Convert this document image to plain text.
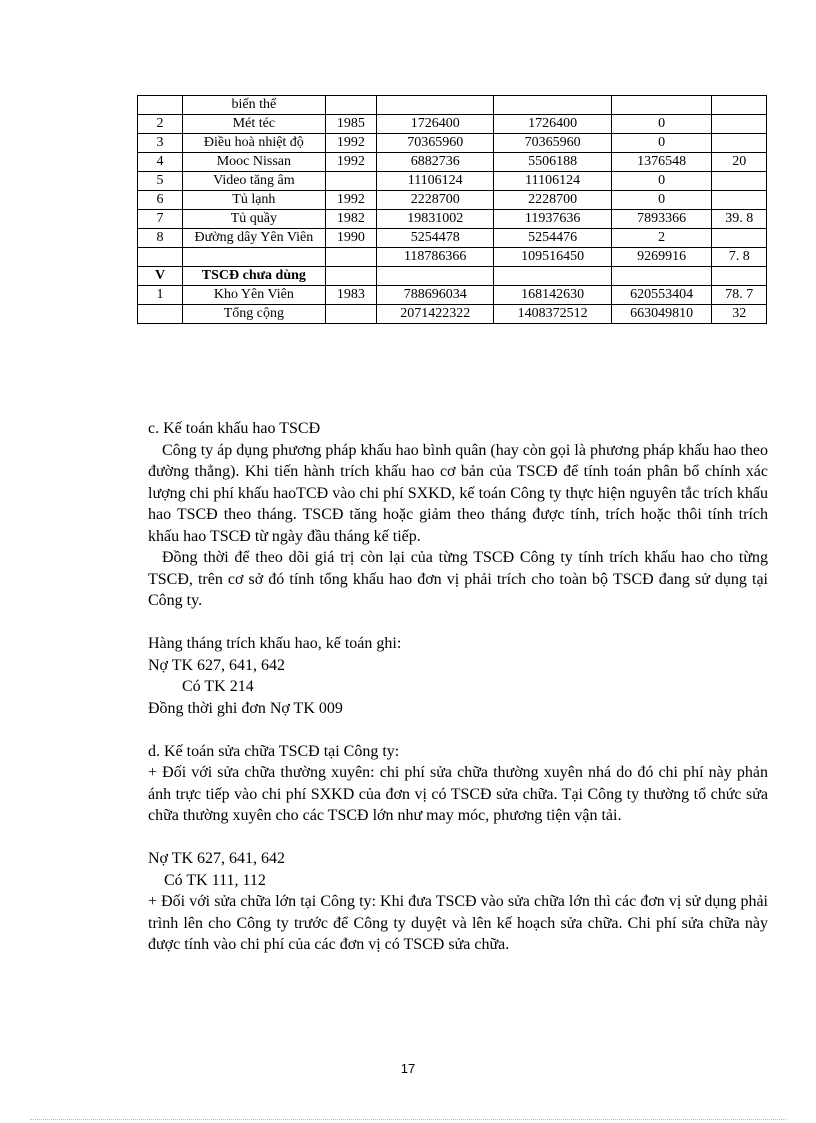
	biến thế					
2	Mét téc	1985	1726400	1726400	0	
3	Điều hoà nhiệt độ	1992	70365960	70365960	0	
4	Mooc Nissan	1992	6882736	5506188	1376548	20
5	Video tăng âm		11106124	11106124	0	
6	Tủ lạnh	1992	2228700	2228700	0	
7	Tủ quầy	1982	19831002	11937636	7893366	39. 8
8	Đường dây Yên Viên	1990	5254478	5254476	2	
			118786366	109516450	9269916	7. 8
V	TSCĐ chưa dùng					
1	Kho Yên Viên	1983	788696034	168142630	620553404	78. 7
	Tổng cộng		2071422322	1408372512	663049810	32

c. Kế toán khấu hao TSCĐ

Công ty áp dụng phương pháp khấu hao bình quân (hay còn gọi là phương pháp khấu hao theo đường thẳng). Khi tiến hành trích khấu hao cơ bản của TSCĐ để tính toán phân bổ chính xác lượng chi phí khấu haoTCĐ vào chi phí SXKD, kế toán Công ty thực hiện nguyên tắc trích khấu hao TSCĐ theo tháng. TSCĐ tăng hoặc giảm theo tháng được tính, trích hoặc thôi tính trích khấu hao TSCĐ từ ngày đầu tháng kế tiếp.

Đồng thời để theo dõi giá trị còn lại của từng TSCĐ Công ty tính trích khấu hao cho từng TSCĐ, trên cơ sở đó tính tổng khấu hao đơn vị phải trích cho toàn bộ TSCĐ đang sử dụng tại Công ty.

Hàng tháng trích khấu hao, kế toán ghi:

Nợ TK 627, 641, 642

Có TK 214

Đồng thời ghi đơn Nợ TK 009

d. Kế toán sửa chữa TSCĐ tại Công ty:

+ Đối với sửa chữa thường xuyên: chi phí sửa chữa thường xuyên nhá do đó chi phí này phản ánh trực tiếp vào chi phí SXKD của đơn vị có TSCĐ sửa chữa. Tại Công ty thường tổ chức sửa chữa thường xuyên cho các TSCĐ lớn như may móc, phương tiện vận tải.

Nợ TK 627, 641, 642

Có TK 111, 112

+ Đối với sửa chữa lớn tại Công ty: Khi đưa TSCĐ vào sửa chữa lớn thì các đơn vị sử dụng phải trình lên cho Công ty trước để Công ty duyệt và lên kế hoạch sửa chữa. Chi phí sửa chữa này được tính vào chi phí của các đơn vị có TSCĐ sửa chữa.

17
